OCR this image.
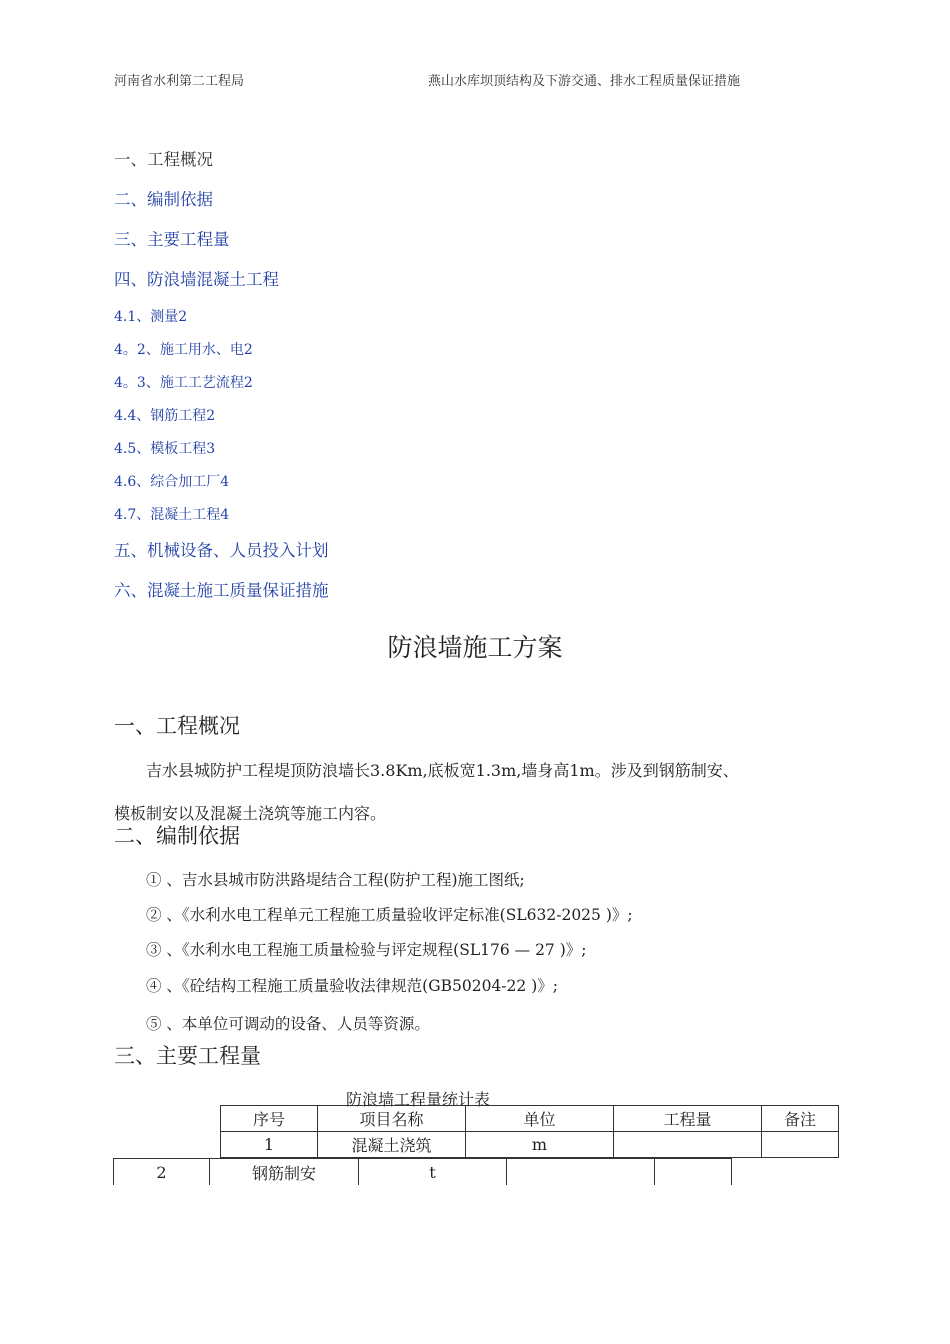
河南省水利第二工程局	燕山水库坝顶结构及下游交通、排水工程质量保证措施
一、工程概况
二、编制依据
三、主要工程量
四、防浪墙混凝土工程
4.1、测量2
4。2、施工用水、电2
4。3、施工工艺流程2
4.4、钢筋工程2
4.5、模板工程3
4.6、综合加工厂4
4.7、混凝土工程4
五、机械设备、人员投入计划
六、混凝土施工质量保证措施
防浪墙施工方案
一、工程概况
吉水县城防护工程堤顶防浪墙长3.8Km,底板宽1.3m,墙身高1m。涉及到钢筋制安、
模板制安以及混凝土浇筑等施工内容。
二、编制依据
① 、吉水县城市防洪路堤结合工程(防护工程)施工图纸;
② 、《水利水电工程单元工程施工质量验收评定标准(SL632-2025 )》;
③ 、《水利水电工程施工质量检验与评定规程(SL176 — 27 )》;
④ 、《砼结构工程施工质量验收法律规范(GB50204-22 )》;
⑤ 、本单位可调动的设备、人员等资源。
三、主要工程量
防浪墙工程量统计表
序号	项目名称	单位	工程量	备注
1	混凝土浇筑	m		
2	钢筋制安	t		
